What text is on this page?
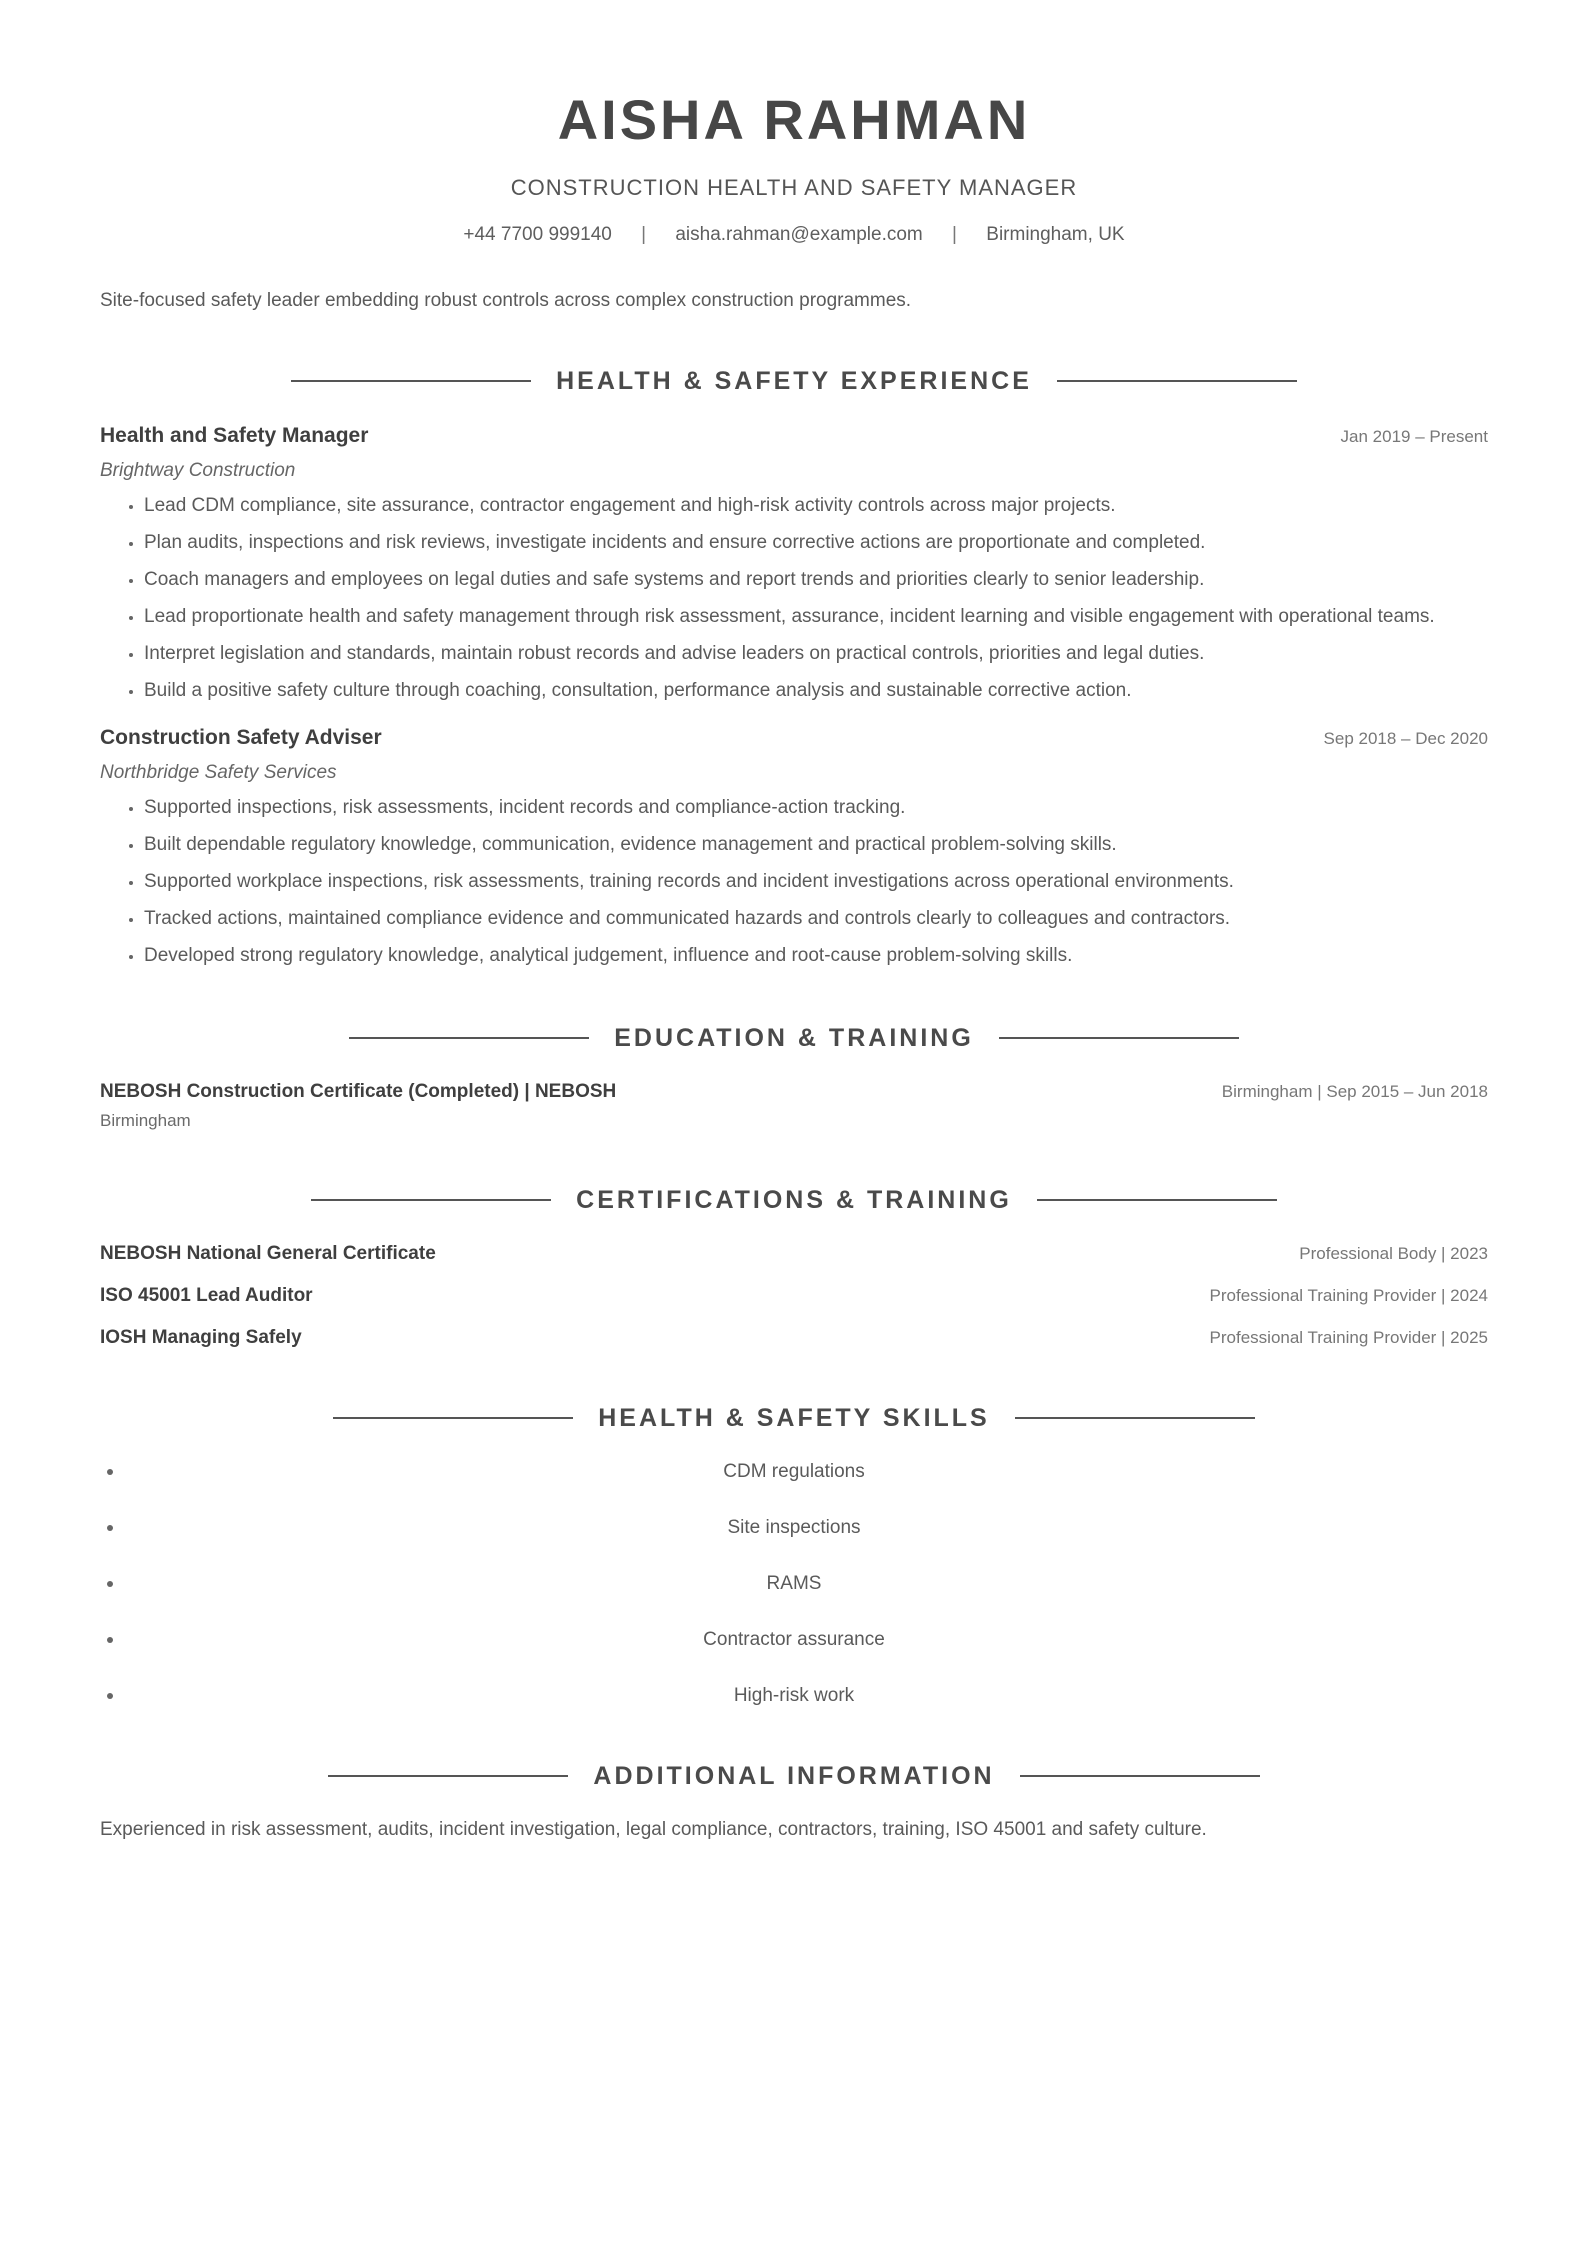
AISHA RAHMAN
CONSTRUCTION HEALTH AND SAFETY MANAGER
+44 7700 999140 | aisha.rahman@example.com | Birmingham, UK
Site-focused safety leader embedding robust controls across complex construction programmes.
HEALTH & SAFETY EXPERIENCE
Health and Safety Manager	Jan 2019 – Present
Brightway Construction
• Lead CDM compliance, site assurance, contractor engagement and high-risk activity controls across major projects.
• Plan audits, inspections and risk reviews, investigate incidents and ensure corrective actions are proportionate and completed.
• Coach managers and employees on legal duties and safe systems and report trends and priorities clearly to senior leadership.
• Lead proportionate health and safety management through risk assessment, assurance, incident learning and visible engagement with operational teams.
• Interpret legislation and standards, maintain robust records and advise leaders on practical controls, priorities and legal duties.
• Build a positive safety culture through coaching, consultation, performance analysis and sustainable corrective action.
Construction Safety Adviser	Sep 2018 – Dec 2020
Northbridge Safety Services
• Supported inspections, risk assessments, incident records and compliance-action tracking.
• Built dependable regulatory knowledge, communication, evidence management and practical problem-solving skills.
• Supported workplace inspections, risk assessments, training records and incident investigations across operational environments.
• Tracked actions, maintained compliance evidence and communicated hazards and controls clearly to colleagues and contractors.
• Developed strong regulatory knowledge, analytical judgement, influence and root-cause problem-solving skills.
EDUCATION & TRAINING
NEBOSH Construction Certificate (Completed) | NEBOSH	Birmingham | Sep 2015 – Jun 2018
Birmingham
CERTIFICATIONS & TRAINING
NEBOSH National General Certificate	Professional Body | 2023
ISO 45001 Lead Auditor	Professional Training Provider | 2024
IOSH Managing Safely	Professional Training Provider | 2025
HEALTH & SAFETY SKILLS
CDM regulations
Site inspections
RAMS
Contractor assurance
High-risk work
ADDITIONAL INFORMATION
Experienced in risk assessment, audits, incident investigation, legal compliance, contractors, training, ISO 45001 and safety culture.
